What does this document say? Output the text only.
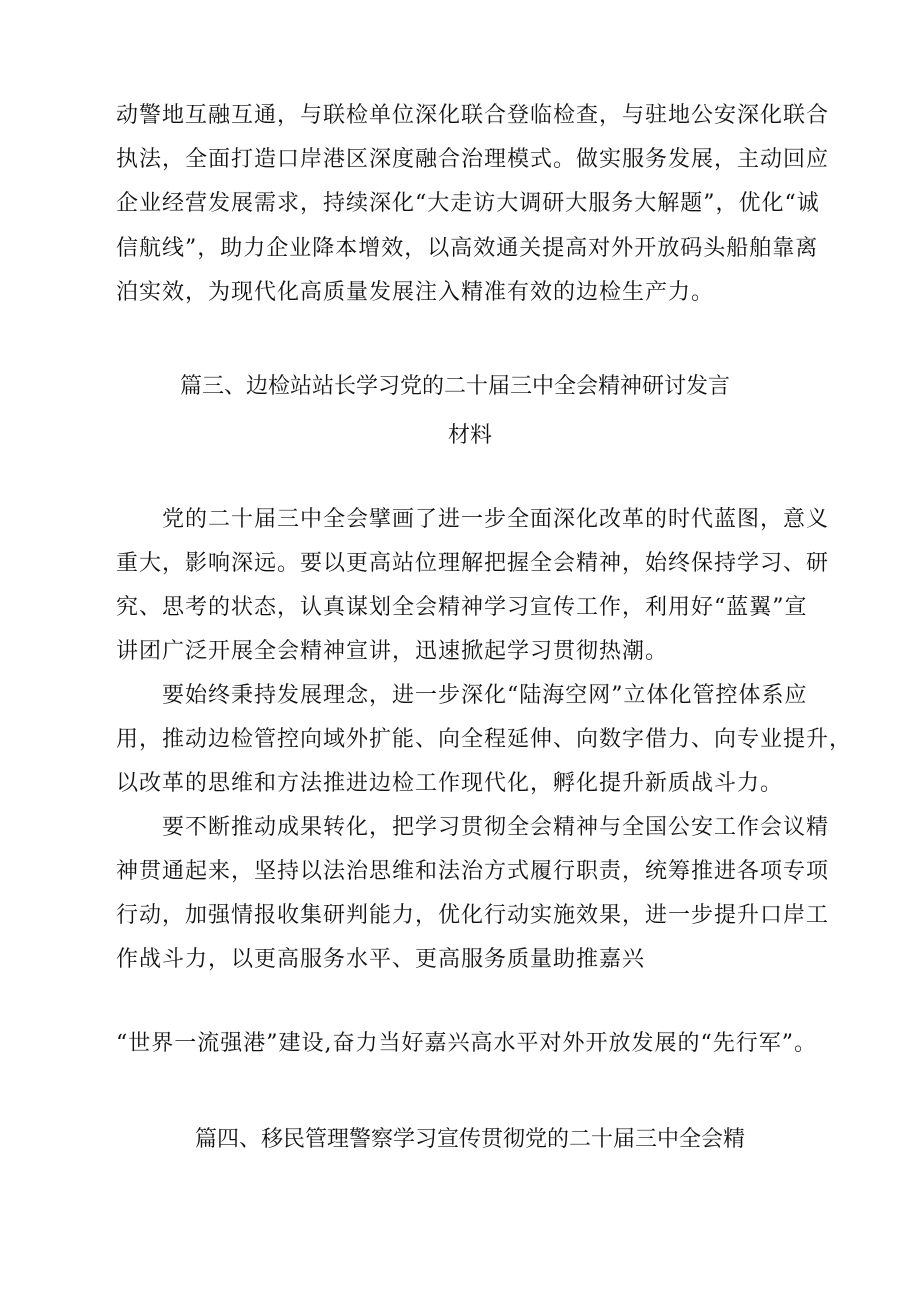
动警地互融互通，与联检单位深化联合登临检查，与驻地公安深化联合
执法，全面打造口岸港区深度融合治理模式。做实服务发展，主动回应
企业经营发展需求，持续深化“大走访大调研大服务大解题”，优化“诚
信航线”，助力企业降本增效，以高效通关提高对外开放码头船舶靠离
泊实效，为现代化高质量发展注入精准有效的边检生产力。
篇三、边检站站长学习党的二十届三中全会精神研讨发言
材料
党的二十届三中全会擘画了进一步全面深化改革的时代蓝图，意义
重大，影响深远。要以更高站位理解把握全会精神，始终保持学习、研
究、思考的状态，认真谋划全会精神学习宣传工作，利用好“蓝翼”宣
讲团广泛开展全会精神宣讲，迅速掀起学习贯彻热潮。
要始终秉持发展理念，进一步深化“陆海空网”立体化管控体系应
用，推动边检管控向域外扩能、向全程延伸、向数字借力、向专业提升，
以改革的思维和方法推进边检工作现代化，孵化提升新质战斗力。
要不断推动成果转化，把学习贯彻全会精神与全国公安工作会议精
神贯通起来，坚持以法治思维和法治方式履行职责，统筹推进各项专项
行动，加强情报收集研判能力，优化行动实施效果，进一步提升口岸工
作战斗力，以更高服务水平、更高服务质量助推嘉兴
“世界一流强港”建设,奋力当好嘉兴高水平对外开放发展的“先行军”。
篇四、移民管理警察学习宣传贯彻党的二十届三中全会精
